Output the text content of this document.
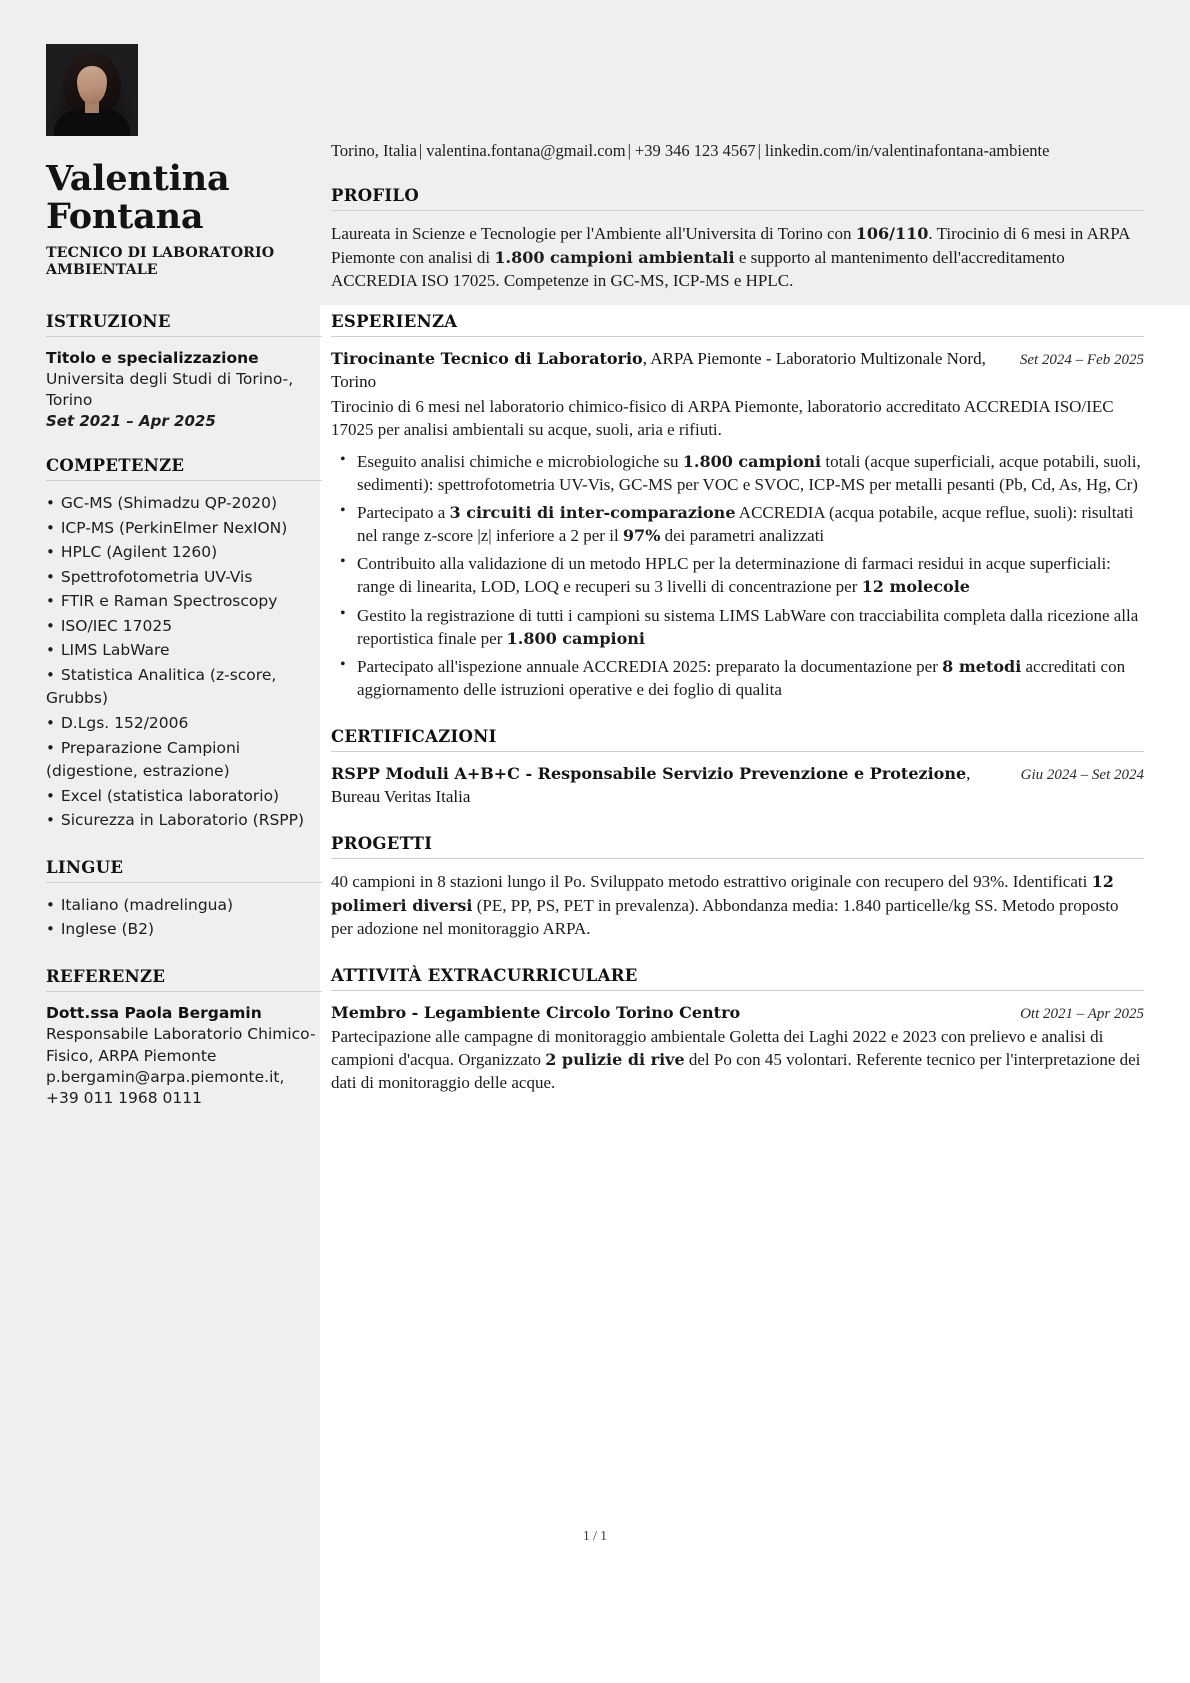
Valentina
Fontana
TECNICO DI LABORATORIO AMBIENTALE
Torino, Italia | valentina.fontana@gmail.com | +39 346 123 4567 | linkedin.com/in/valentinafontana-ambiente
PROFILO
Laureata in Scienze e Tecnologie per l'Ambiente all'Universita di Torino con 106/110. Tirocinio di 6 mesi in ARPA Piemonte con analisi di 1.800 campioni ambientali e supporto al mantenimento dell'accreditamento ACCREDIA ISO 17025. Competenze in GC-MS, ICP-MS e HPLC.
ISTRUZIONE
Titolo e specializzazione
Universita degli Studi di Torino-, Torino
Set 2021 – Apr 2025
COMPETENZE
• GC-MS (Shimadzu QP-2020)
• ICP-MS (PerkinElmer NexION)
• HPLC (Agilent 1260)
• Spettrofotometria UV-Vis
• FTIR e Raman Spectroscopy
• ISO/IEC 17025
• LIMS LabWare
• Statistica Analitica (z-score, Grubbs)
• D.Lgs. 152/2006
• Preparazione Campioni (digestione, estrazione)
• Excel (statistica laboratorio)
• Sicurezza in Laboratorio (RSPP)
LINGUE
• Italiano (madrelingua)
• Inglese (B2)
REFERENZE
Dott.ssa Paola Bergamin
Responsabile Laboratorio Chimico-Fisico, ARPA Piemonte
p.bergamin@arpa.piemonte.it, +39 011 1968 0111
ESPERIENZA
Tirocinante Tecnico di Laboratorio, ARPA Piemonte - Laboratorio Multizonale Nord, Torino
Set 2024 – Feb 2025
Tirocinio di 6 mesi nel laboratorio chimico-fisico di ARPA Piemonte, laboratorio accreditato ACCREDIA ISO/IEC 17025 per analisi ambientali su acque, suoli, aria e rifiuti.
• Eseguito analisi chimiche e microbiologiche su 1.800 campioni totali (acque superficiali, acque potabili, suoli, sedimenti): spettrofotometria UV-Vis, GC-MS per VOC e SVOC, ICP-MS per metalli pesanti (Pb, Cd, As, Hg, Cr)
• Partecipato a 3 circuiti di inter-comparazione ACCREDIA (acqua potabile, acque reflue, suoli): risultati nel range z-score |z| inferiore a 2 per il 97% dei parametri analizzati
• Contribuito alla validazione di un metodo HPLC per la determinazione di farmaci residui in acque superficiali: range di linearita, LOD, LOQ e recuperi su 3 livelli di concentrazione per 12 molecole
• Gestito la registrazione di tutti i campioni su sistema LIMS LabWare con tracciabilita completa dalla ricezione alla reportistica finale per 1.800 campioni
• Partecipato all'ispezione annuale ACCREDIA 2025: preparato la documentazione per 8 metodi accreditati con aggiornamento delle istruzioni operative e dei foglio di qualita
CERTIFICAZIONI
RSPP Moduli A+B+C - Responsabile Servizio Prevenzione e Protezione, Bureau Veritas Italia
Giu 2024 – Set 2024
PROGETTI
40 campioni in 8 stazioni lungo il Po. Sviluppato metodo estrattivo originale con recupero del 93%. Identificati 12 polimeri diversi (PE, PP, PS, PET in prevalenza). Abbondanza media: 1.840 particelle/kg SS. Metodo proposto per adozione nel monitoraggio ARPA.
ATTIVITÀ EXTRACURRICULARE
Membro - Legambiente Circolo Torino Centro	Ott 2021 – Apr 2025
Partecipazione alle campagne di monitoraggio ambientale Goletta dei Laghi 2022 e 2023 con prelievo e analisi di campioni d'acqua. Organizzato 2 pulizie di rive del Po con 45 volontari. Referente tecnico per l'interpretazione dei dati di monitoraggio delle acque.
1 / 1
